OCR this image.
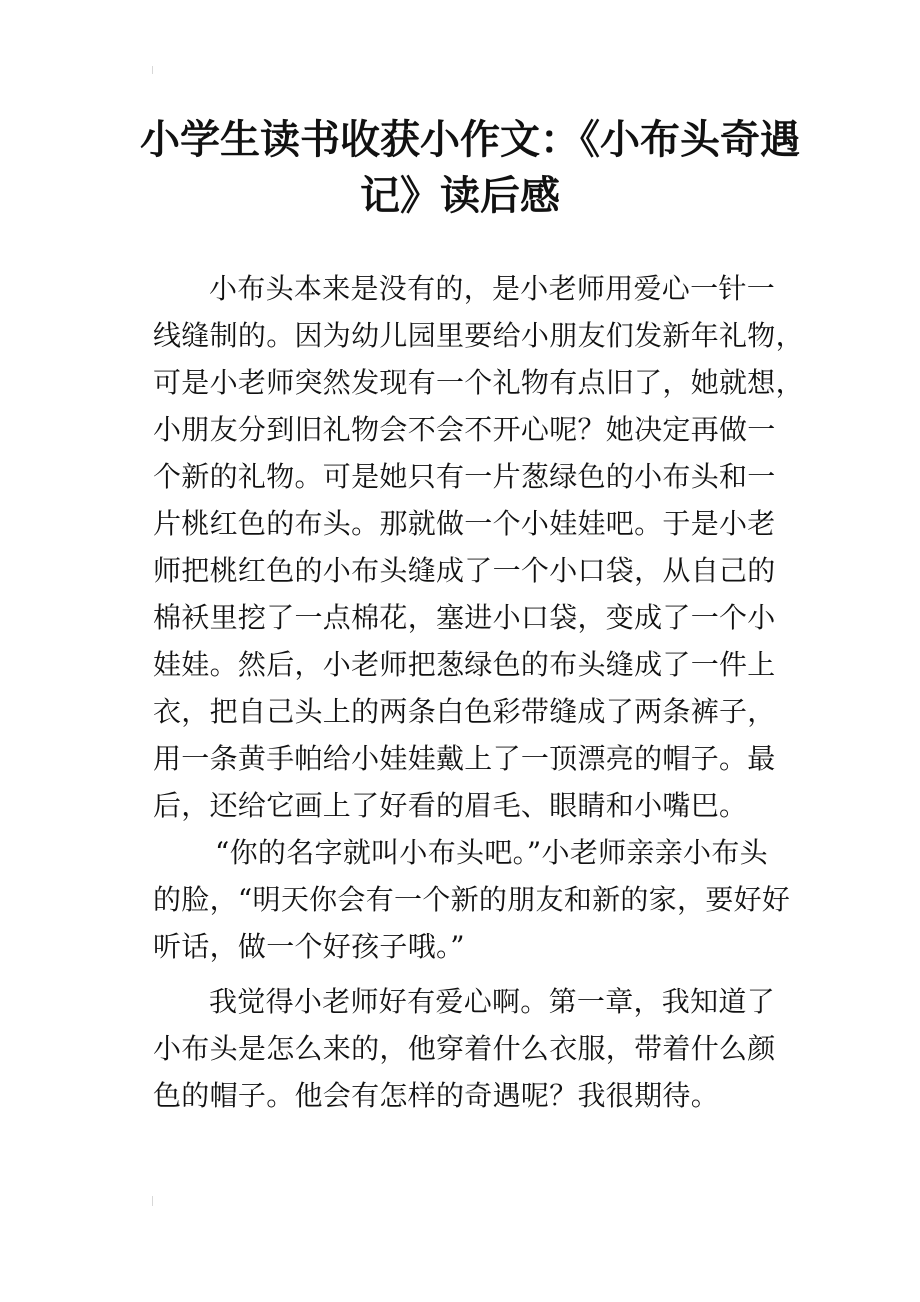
小学生读书收获小作文：《小布头奇遇
记》读后感
小布头本来是没有的，是小老师用爱心一针一
线缝制的。因为幼儿园里要给小朋友们发新年礼物，
可是小老师突然发现有一个礼物有点旧了，她就想，
小朋友分到旧礼物会不会不开心呢？她决定再做一
个新的礼物。可是她只有一片葱绿色的小布头和一
片桃红色的布头。那就做一个小娃娃吧。于是小老
师把桃红色的小布头缝成了一个小口袋，从自己的
棉袄里挖了一点棉花，塞进小口袋，变成了一个小
娃娃。然后，小老师把葱绿色的布头缝成了一件上
衣，把自己头上的两条白色彩带缝成了两条裤子，
用一条黄手帕给小娃娃戴上了一顶漂亮的帽子。最
后，还给它画上了好看的眉毛、眼睛和小嘴巴。
“你的名字就叫小布头吧。”小老师亲亲小布头
的脸，“明天你会有一个新的朋友和新的家，要好好
听话，做一个好孩子哦。”
我觉得小老师好有爱心啊。第一章，我知道了
小布头是怎么来的，他穿着什么衣服，带着什么颜
色的帽子。他会有怎样的奇遇呢？我很期待。
